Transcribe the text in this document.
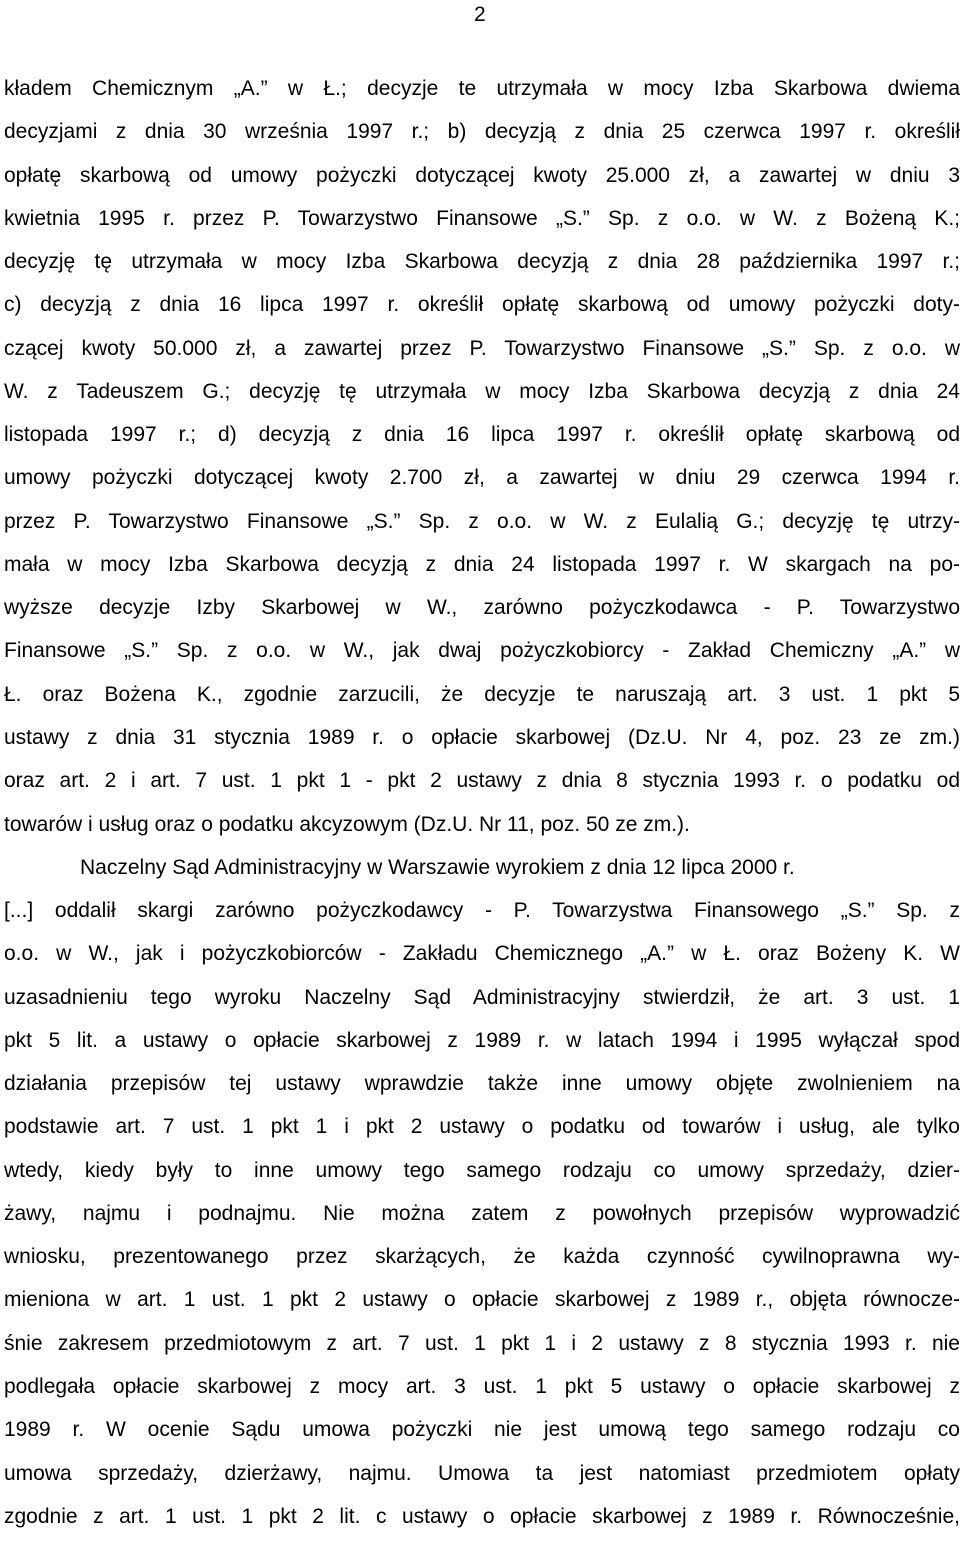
2
kładem Chemicznym „A.” w Ł.; decyzje te utrzymała w mocy Izba Skarbowa dwiema
decyzjami z dnia 30 września 1997 r.; b) decyzją z dnia 25 czerwca 1997 r. określił
opłatę skarbową od umowy pożyczki dotyczącej kwoty 25.000 zł, a zawartej w dniu 3
kwietnia 1995 r. przez P. Towarzystwo Finansowe „S.” Sp. z o.o. w W. z Bożeną K.;
decyzję tę utrzymała w mocy Izba Skarbowa decyzją z dnia 28 października 1997 r.;
c) decyzją z dnia 16 lipca 1997 r. określił opłatę skarbową od umowy pożyczki doty-
czącej kwoty 50.000 zł, a zawartej przez P. Towarzystwo Finansowe „S.” Sp. z o.o. w
W. z Tadeuszem G.; decyzję tę utrzymała w mocy Izba Skarbowa decyzją z dnia 24
listopada 1997 r.; d) decyzją z dnia 16 lipca 1997 r. określił opłatę skarbową od
umowy pożyczki dotyczącej kwoty 2.700 zł, a zawartej w dniu 29 czerwca 1994 r.
przez P. Towarzystwo Finansowe „S.” Sp. z o.o. w W. z Eulalią G.; decyzję tę utrzy-
mała w mocy Izba Skarbowa decyzją z dnia 24 listopada 1997 r. W skargach na po-
wyższe decyzje Izby Skarbowej w W., zarówno pożyczkodawca - P. Towarzystwo
Finansowe „S.” Sp. z o.o. w W., jak dwaj pożyczkobiorcy - Zakład Chemiczny „A.” w
Ł. oraz Bożena K., zgodnie zarzucili, że decyzje te naruszają art. 3 ust. 1 pkt 5
ustawy z dnia 31 stycznia 1989 r. o opłacie skarbowej (Dz.U. Nr 4, poz. 23 ze zm.)
oraz art. 2 i art. 7 ust. 1 pkt 1 - pkt 2 ustawy z dnia 8 stycznia 1993 r. o podatku od
towarów i usług oraz o podatku akcyzowym (Dz.U. Nr 11, poz. 50 ze zm.).
Naczelny Sąd Administracyjny w Warszawie wyrokiem z dnia 12 lipca 2000 r.
[...] oddalił skargi zarówno pożyczkodawcy - P. Towarzystwa Finansowego „S.” Sp. z
o.o. w W., jak i pożyczkobiorców - Zakładu Chemicznego „A.” w Ł. oraz Bożeny K. W
uzasadnieniu tego wyroku Naczelny Sąd Administracyjny stwierdził, że art. 3 ust. 1
pkt 5 lit. a ustawy o opłacie skarbowej z 1989 r. w latach 1994 i 1995 wyłączał spod
działania przepisów tej ustawy wprawdzie także inne umowy objęte zwolnieniem na
podstawie art. 7 ust. 1 pkt 1 i pkt 2 ustawy o podatku od towarów i usług, ale tylko
wtedy, kiedy były to inne umowy tego samego rodzaju co umowy sprzedaży, dzier-
żawy, najmu i podnajmu. Nie można zatem z powołnych przepisów wyprowadzić
wniosku, prezentowanego przez skarżących, że każda czynność cywilnoprawna wy-
mieniona w art. 1 ust. 1 pkt 2 ustawy o opłacie skarbowej z 1989 r., objęta równocze-
śnie zakresem przedmiotowym z art. 7 ust. 1 pkt 1 i 2 ustawy z 8 stycznia 1993 r. nie
podlegała opłacie skarbowej z mocy art. 3 ust. 1 pkt 5 ustawy o opłacie skarbowej z
1989 r. W ocenie Sądu umowa pożyczki nie jest umową tego samego rodzaju co
umowa sprzedaży, dzierżawy, najmu. Umowa ta jest natomiast przedmiotem opłaty
zgodnie z art. 1 ust. 1 pkt 2 lit. c ustawy o opłacie skarbowej z 1989 r. Równocześnie,
